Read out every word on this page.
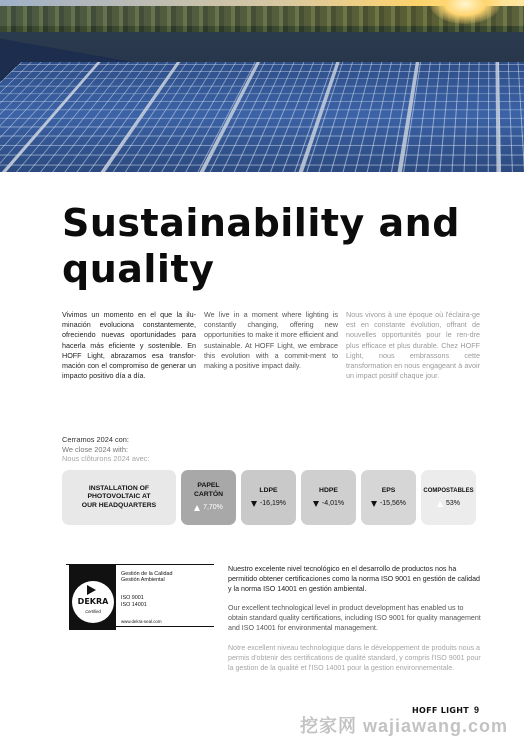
Sustainability and
quality
Vivimos un momento en el que la ilu-minación evoluciona constantemente, ofreciendo nuevas oportunidades para hacerla más eficiente y sostenible. En HOFF Light, abrazamos esa transfor-mación con el compromiso de generar un impacto positivo día a día.
We live in a moment where lighting is constantly changing, offering new opportunities to make it more efficient and sustainable. At HOFF Light, we embrace this evolution with a commit-ment to making a positive impact daily.
Nous vivons à une époque où l'éclaira-ge est en constante évolution, offrant de nouvelles opportunités pour le ren-dre plus efficace et plus durable. Chez HOFF Light, nous embrassons cette transformation en nous engageant à avoir un impact positif chaque jour.
Cerramos 2024 con:
We close 2024 with:
Nous clôturons 2024 avec:
INSTALLATION OF PHOTOVOLTAIC AT OUR HEADQUARTERS
PAPEL CARTÓN
7,70%
LDPE
-16,19%
HDPE
-4,01%
EPS
-15,56%
COMPOSTABLES
53%
DEKRA
Certified
Gestión de la Calidad
Gestión Ambiental
ISO 9001
ISO 14001
www.dekra-seal.com
Nuestro excelente nivel tecnológico en el desarrollo de productos nos ha permitido obtener certificaciones como la norma ISO 9001 en gestión de calidad y la norma ISO 14001 en gestión ambiental.
Our excellent technological level in product development has enabled us to obtain standard quality certifications, including ISO 9001 for quality management and ISO 14001 for environmental management.
Notre excellent niveau technologique dans le développement de produits nous a permis d'obtenir des certifications de qualité standard, y compris l'ISO 9001 pour la gestion de la qualité et l'ISO 14001 pour la gestion environnementale.
挖家网 wajiawang.com
HOFF LIGHT 9
